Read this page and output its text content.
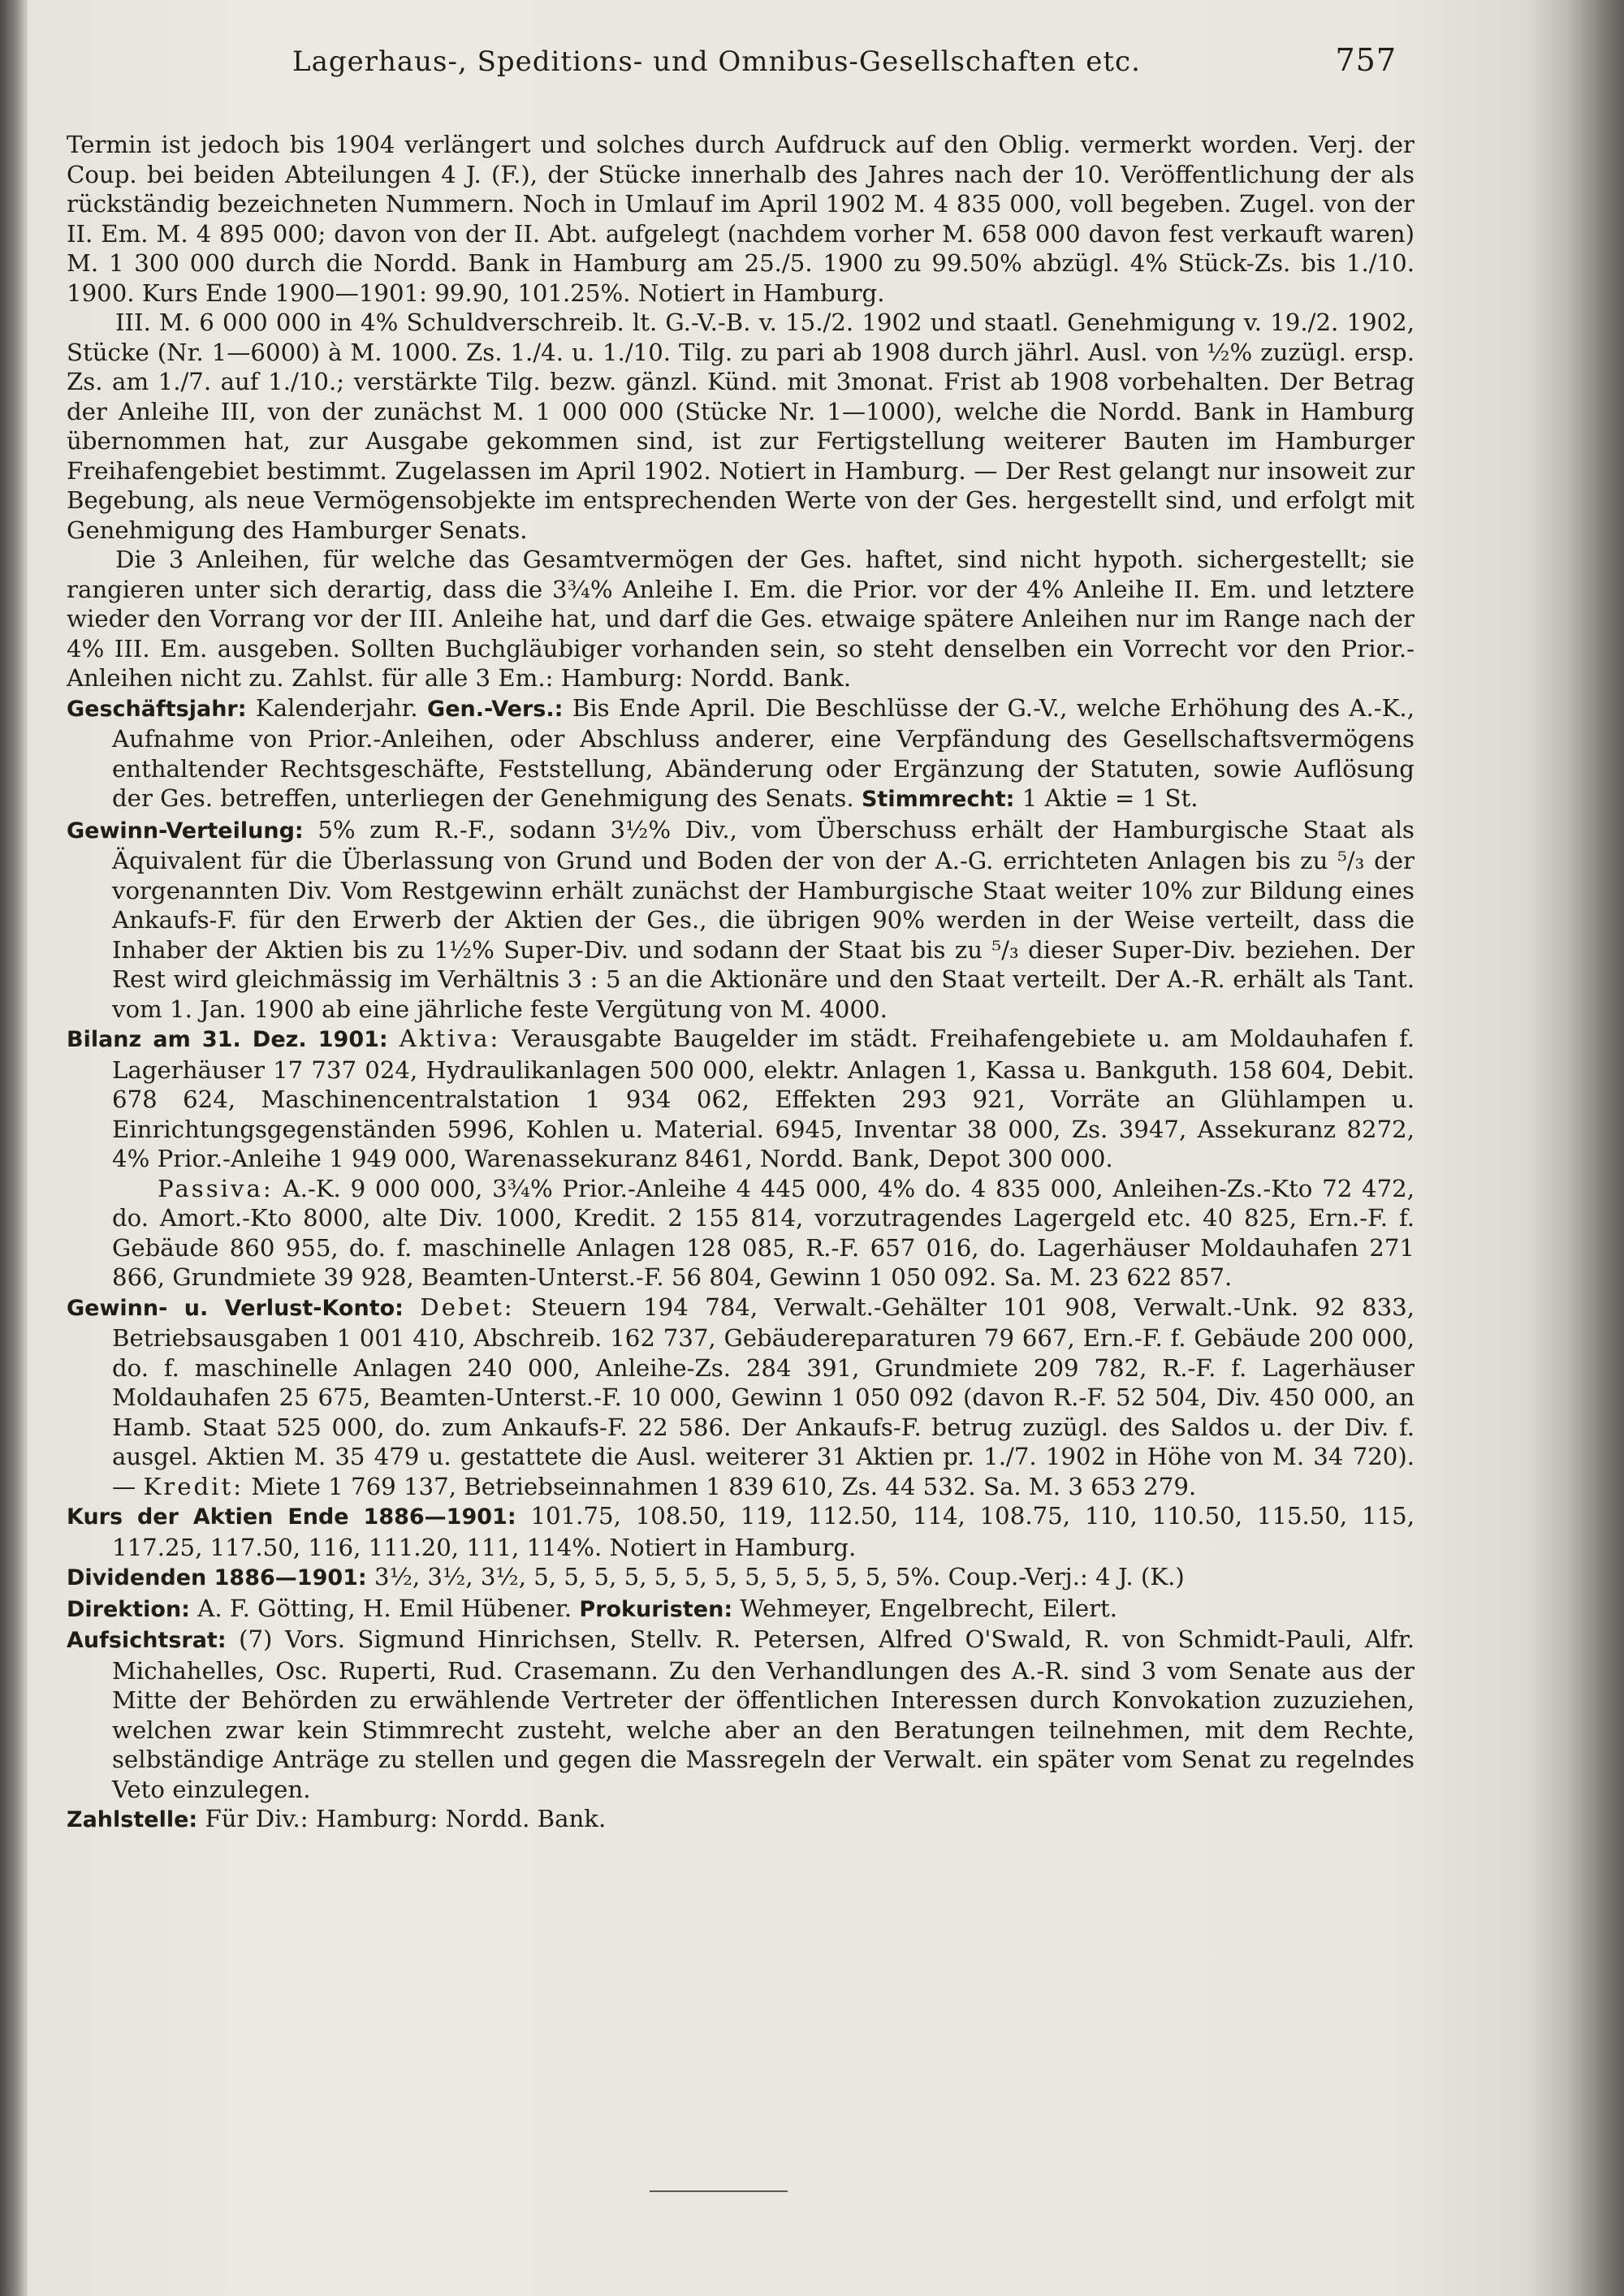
Lagerhaus-, Speditions- und Omnibus-Gesellschaften etc.	757

Termin ist jedoch bis 1904 verlängert und solches durch Aufdruck auf den Oblig. vermerkt worden. Verj. der Coup. bei beiden Abteilungen 4 J. (F.), der Stücke innerhalb des Jahres nach der 10. Veröffentlichung der als rückständig bezeichneten Nummern. Noch in Umlauf im April 1902 M. 4 835 000, voll begeben. Zugel. von der II. Em. M. 4 895 000; davon von der II. Abt. aufgelegt (nachdem vorher M. 658 000 davon fest verkauft waren) M. 1 300 000 durch die Nordd. Bank in Hamburg am 25./5. 1900 zu 99.50% abzügl. 4% Stück-Zs. bis 1./10. 1900. Kurs Ende 1900—1901: 99.90, 101.25%. Notiert in Hamburg.

III. M. 6 000 000 in 4% Schuldverschreib. lt. G.-V.-B. v. 15./2. 1902 und staatl. Genehmigung v. 19./2. 1902, Stücke (Nr. 1—6000) à M. 1000. Zs. 1./4. u. 1./10. Tilg. zu pari ab 1908 durch jährl. Ausl. von ½% zuzügl. ersp. Zs. am 1./7. auf 1./10.; verstärkte Tilg. bezw. gänzl. Künd. mit 3monat. Frist ab 1908 vorbehalten. Der Betrag der Anleihe III, von der zunächst M. 1 000 000 (Stücke Nr. 1—1000), welche die Nordd. Bank in Hamburg übernommen hat, zur Ausgabe gekommen sind, ist zur Fertigstellung weiterer Bauten im Hamburger Freihafengebiet bestimmt. Zugelassen im April 1902. Notiert in Hamburg. — Der Rest gelangt nur insoweit zur Begebung, als neue Vermögensobjekte im entsprechenden Werte von der Ges. hergestellt sind, und erfolgt mit Genehmigung des Hamburger Senats.

Die 3 Anleihen, für welche das Gesamtvermögen der Ges. haftet, sind nicht hypoth. sichergestellt; sie rangieren unter sich derartig, dass die 3¾% Anleihe I. Em. die Prior. vor der 4% Anleihe II. Em. und letztere wieder den Vorrang vor der III. Anleihe hat, und darf die Ges. etwaige spätere Anleihen nur im Range nach der 4% III. Em. ausgeben. Sollten Buchgläubiger vorhanden sein, so steht denselben ein Vorrecht vor den Prior.-Anleihen nicht zu. Zahlst. für alle 3 Em.: Hamburg: Nordd. Bank.

Geschäftsjahr: Kalenderjahr. Gen.-Vers.: Bis Ende April. Die Beschlüsse der G.-V., welche Erhöhung des A.-K., Aufnahme von Prior.-Anleihen, oder Abschluss anderer, eine Verpfändung des Gesellschaftsvermögens enthaltender Rechtsgeschäfte, Feststellung, Abänderung oder Ergänzung der Statuten, sowie Auflösung der Ges. betreffen, unterliegen der Genehmigung des Senats. Stimmrecht: 1 Aktie = 1 St.

Gewinn-Verteilung: 5% zum R.-F., sodann 3½% Div., vom Überschuss erhält der Hamburgische Staat als Äquivalent für die Überlassung von Grund und Boden der von der A.-G. errichteten Anlagen bis zu ⁵/₃ der vorgenannten Div. Vom Restgewinn erhält zunächst der Hamburgische Staat weiter 10% zur Bildung eines Ankaufs-F. für den Erwerb der Aktien der Ges., die übrigen 90% werden in der Weise verteilt, dass die Inhaber der Aktien bis zu 1½% Super-Div. und sodann der Staat bis zu ⁵/₃ dieser Super-Div. beziehen. Der Rest wird gleichmässig im Verhältnis 3 : 5 an die Aktionäre und den Staat verteilt. Der A.-R. erhält als Tant. vom 1. Jan. 1900 ab eine jährliche feste Vergütung von M. 4000.

Bilanz am 31. Dez. 1901: Aktiva: Verausgabte Baugelder im städt. Freihafengebiete u. am Moldauhafen f. Lagerhäuser 17 737 024, Hydraulikanlagen 500 000, elektr. Anlagen 1, Kassa u. Bankguth. 158 604, Debit. 678 624, Maschinencentralstation 1 934 062, Effekten 293 921, Vorräte an Glühlampen u. Einrichtungsgegenständen 5996, Kohlen u. Material. 6945, Inventar 38 000, Zs. 3947, Assekuranz 8272, 4% Prior.-Anleihe 1 949 000, Warenassekuranz 8461, Nordd. Bank, Depot 300 000.

Passiva: A.-K. 9 000 000, 3¾% Prior.-Anleihe 4 445 000, 4% do. 4 835 000, Anleihen-Zs.-Kto 72 472, do. Amort.-Kto 8000, alte Div. 1000, Kredit. 2 155 814, vorzutragendes Lagergeld etc. 40 825, Ern.-F. f. Gebäude 860 955, do. f. maschinelle Anlagen 128 085, R.-F. 657 016, do. Lagerhäuser Moldauhafen 271 866, Grundmiete 39 928, Beamten-Unterst.-F. 56 804, Gewinn 1 050 092. Sa. M. 23 622 857.

Gewinn- u. Verlust-Konto: Debet: Steuern 194 784, Verwalt.-Gehälter 101 908, Verwalt.-Unk. 92 833, Betriebsausgaben 1 001 410, Abschreib. 162 737, Gebäudereparaturen 79 667, Ern.-F. f. Gebäude 200 000, do. f. maschinelle Anlagen 240 000, Anleihe-Zs. 284 391, Grundmiete 209 782, R.-F. f. Lagerhäuser Moldauhafen 25 675, Beamten-Unterst.-F. 10 000, Gewinn 1 050 092 (davon R.-F. 52 504, Div. 450 000, an Hamb. Staat 525 000, do. zum Ankaufs-F. 22 586. Der Ankaufs-F. betrug zuzügl. des Saldos u. der Div. f. ausgel. Aktien M. 35 479 u. gestattete die Ausl. weiterer 31 Aktien pr. 1./7. 1902 in Höhe von M. 34 720). — Kredit: Miete 1 769 137, Betriebseinnahmen 1 839 610, Zs. 44 532. Sa. M. 3 653 279.

Kurs der Aktien Ende 1886—1901: 101.75, 108.50, 119, 112.50, 114, 108.75, 110, 110.50, 115.50, 115, 117.25, 117.50, 116, 111.20, 111, 114%. Notiert in Hamburg.

Dividenden 1886—1901: 3½, 3½, 3½, 5, 5, 5, 5, 5, 5, 5, 5, 5, 5, 5, 5, 5%. Coup.-Verj.: 4 J. (K.)

Direktion: A. F. Götting, H. Emil Hübener. Prokuristen: Wehmeyer, Engelbrecht, Eilert.

Aufsichtsrat: (7) Vors. Sigmund Hinrichsen, Stellv. R. Petersen, Alfred O'Swald, R. von Schmidt-Pauli, Alfr. Michahelles, Osc. Ruperti, Rud. Crasemann. Zu den Verhandlungen des A.-R. sind 3 vom Senate aus der Mitte der Behörden zu erwählende Vertreter der öffentlichen Interessen durch Konvokation zuzuziehen, welchen zwar kein Stimmrecht zusteht, welche aber an den Beratungen teilnehmen, mit dem Rechte, selbständige Anträge zu stellen und gegen die Massregeln der Verwalt. ein später vom Senat zu regelndes Veto einzulegen.

Zahlstelle: Für Div.: Hamburg: Nordd. Bank.
